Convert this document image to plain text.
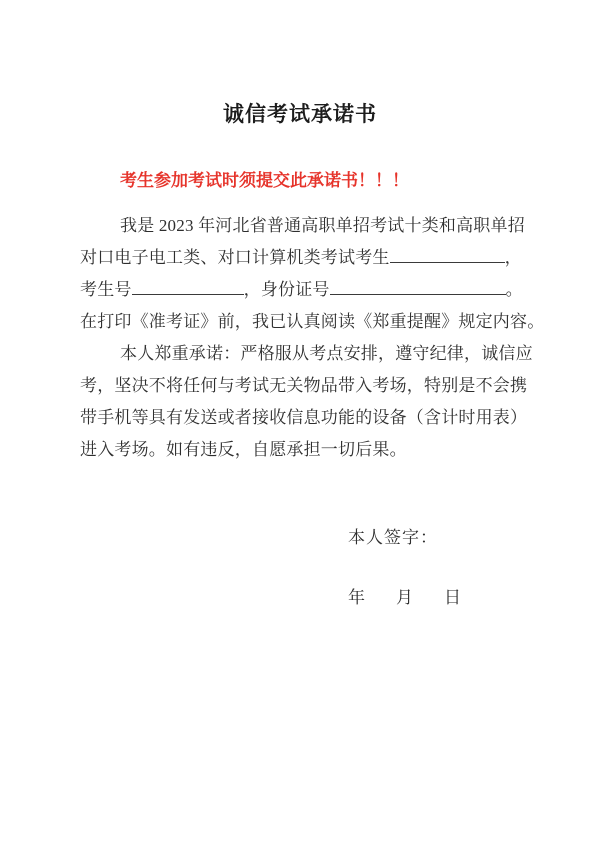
诚信考试承诺书
考生参加考试时须提交此承诺书！！！
我是 2023 年河北省普通高职单招考试十类和高职单招
对口电子电工类、对口计算机类考试考生	，
考生号	，身份证号	。
在打印《准考证》前，我已认真阅读《郑重提醒》规定内容。
本人郑重承诺：严格服从考点安排，遵守纪律，诚信应
考，坚决不将任何与考试无关物品带入考场，特别是不会携
带手机等具有发送或者接收信息功能的设备（含计时用表）
进入考场。如有违反，自愿承担一切后果。
本人签字：
年 月 日
